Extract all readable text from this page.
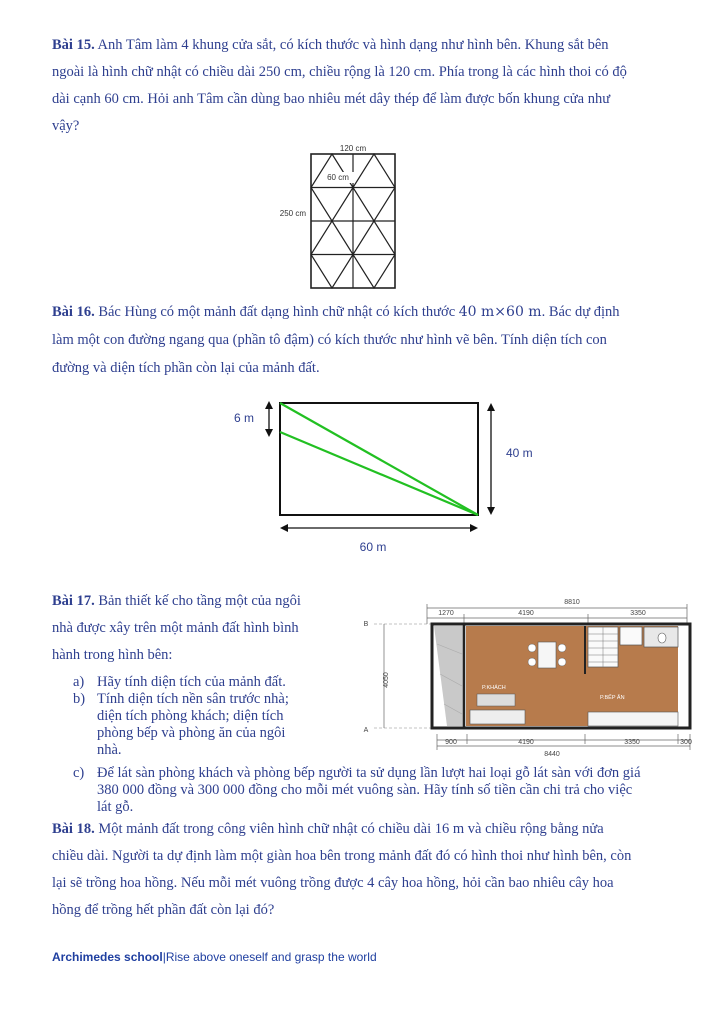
Bài 15. Anh Tâm làm 4 khung cửa sắt, có kích thước và hình dạng như hình bên. Khung sắt bên
ngoài là hình chữ nhật có chiều dài 250 cm, chiều rộng là 120 cm. Phía trong là các hình thoi có độ
dài cạnh 60 cm. Hỏi anh Tâm cần dùng bao nhiêu mét dây thép để làm được bốn khung cửa như
vậy?

120 cm
60 cm
250 cm

Bài 16. Bác Hùng có một mảnh đất dạng hình chữ nhật có kích thước 40 m×60 m. Bác dự định
làm một con đường ngang qua (phần tô đậm) có kích thước như hình vẽ bên. Tính diện tích con
đường và diện tích phần còn lại của mảnh đất.

6 m
40 m
60 m

Bài 17. Bản thiết kế cho tầng một của ngôi
nhà được xây trên một mảnh đất hình bình
hành trong hình bên:

a) Hãy tính diện tích của mảnh đất.
b) Tính diện tích nền sân trước nhà;
diện tích phòng khách; diện tích
phòng bếp và phòng ăn của ngôi
nhà.
c) Để lát sàn phòng khách và phòng bếp người ta sử dụng lần lượt hai loại gỗ lát sàn với đơn giá
380 000 đồng và 300 000 đồng cho mỗi mét vuông sàn. Hãy tính số tiền cần chi trả cho việc
lát gỗ.
8810
1270	4190	3350
B
A
4050
P.KHÁCH
P.BẾP ĂN
900	4190	3350	300
8440

Bài 18. Một mảnh đất trong công viên hình chữ nhật có chiều dài 16 m và chiều rộng bằng nửa
chiều dài. Người ta dự định làm một giàn hoa bên trong mảnh đất đó có hình thoi như hình bên, còn
lại sẽ trồng hoa hồng. Nếu mỗi mét vuông trồng được 4 cây hoa hồng, hỏi cần bao nhiêu cây hoa
hồng để trồng hết phần đất còn lại đó?

Archimedes school|Rise above oneself and grasp the world
